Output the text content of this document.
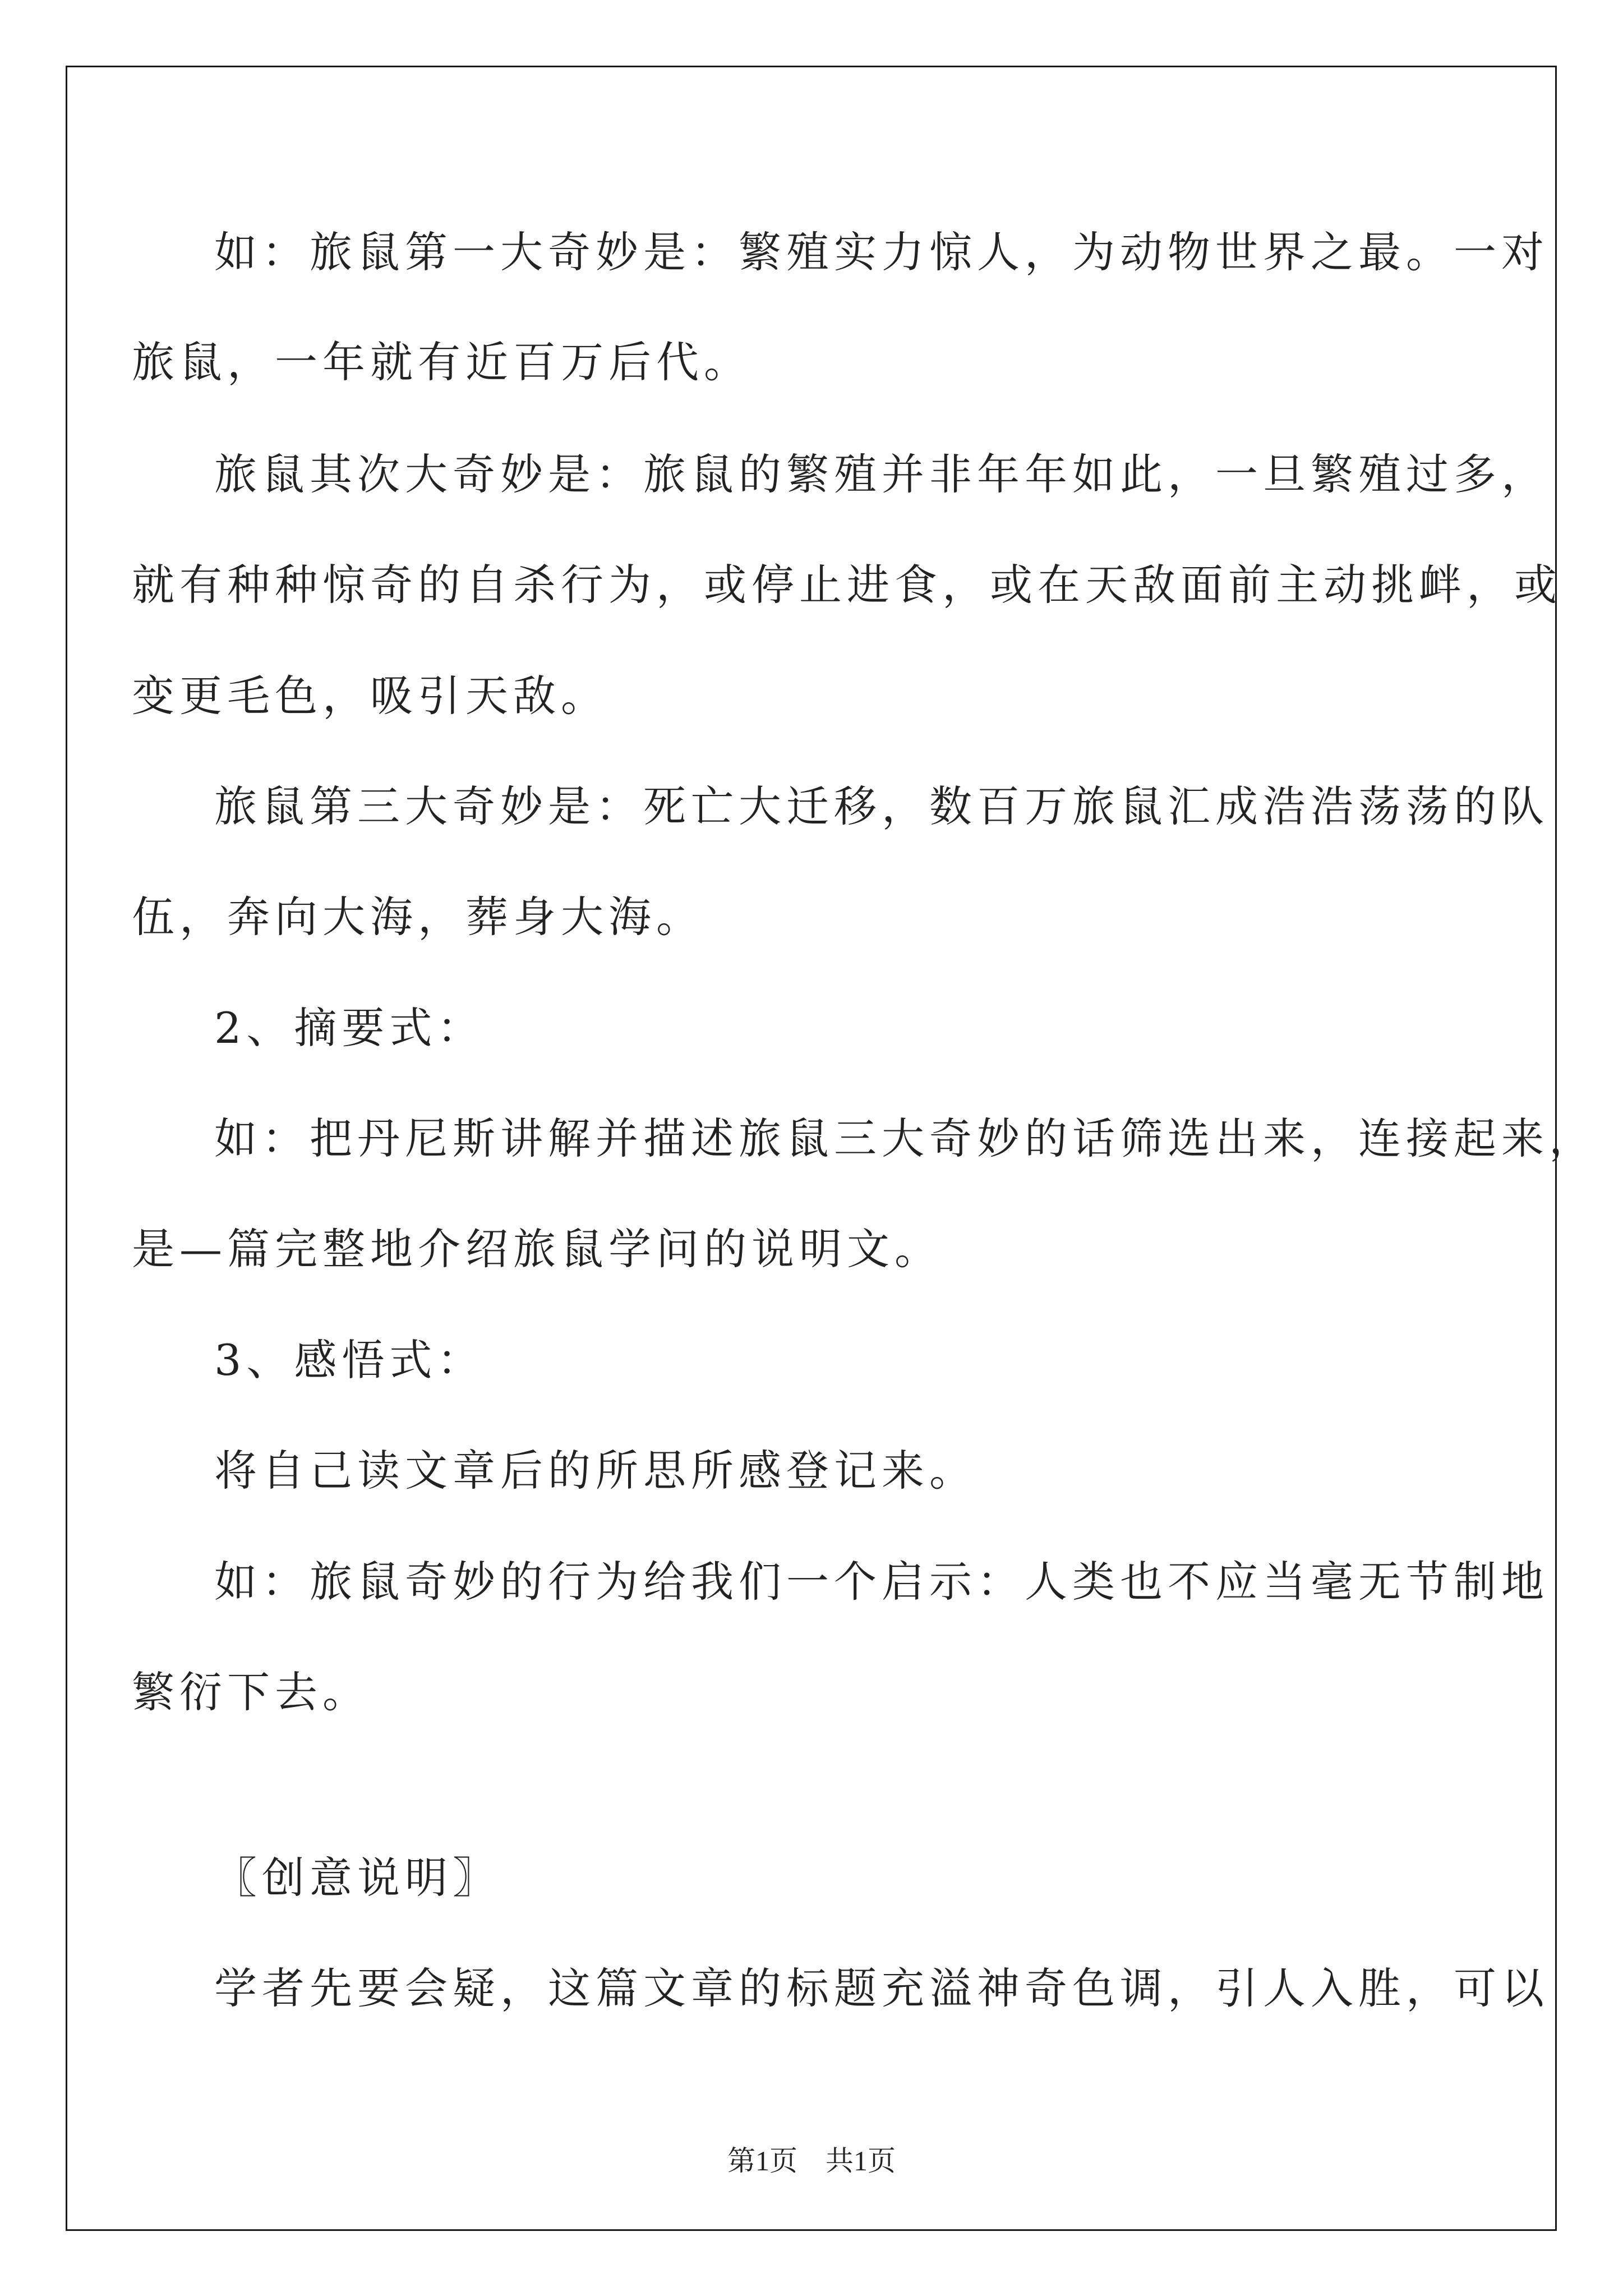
如：旅鼠第一大奇妙是：繁殖实力惊人，为动物世界之最。一对
旅鼠，一年就有近百万后代。
旅鼠其次大奇妙是：旅鼠的繁殖并非年年如此，一旦繁殖过多，
就有种种惊奇的自杀行为，或停止进食，或在天敌面前主动挑衅，或
变更毛色，吸引天敌。
旅鼠第三大奇妙是：死亡大迁移，数百万旅鼠汇成浩浩荡荡的队
伍，奔向大海，葬身大海。
2、摘要式：
如：把丹尼斯讲解并描述旅鼠三大奇妙的话筛选出来，连接起来，
是—篇完整地介绍旅鼠学问的说明文。
3、感悟式：
将自己读文章后的所思所感登记来。
如：旅鼠奇妙的行为给我们一个启示：人类也不应当毫无节制地
繁衍下去。
〖创意说明〗
学者先要会疑，这篇文章的标题充溢神奇色调，引人入胜，可以
第1页 共1页
